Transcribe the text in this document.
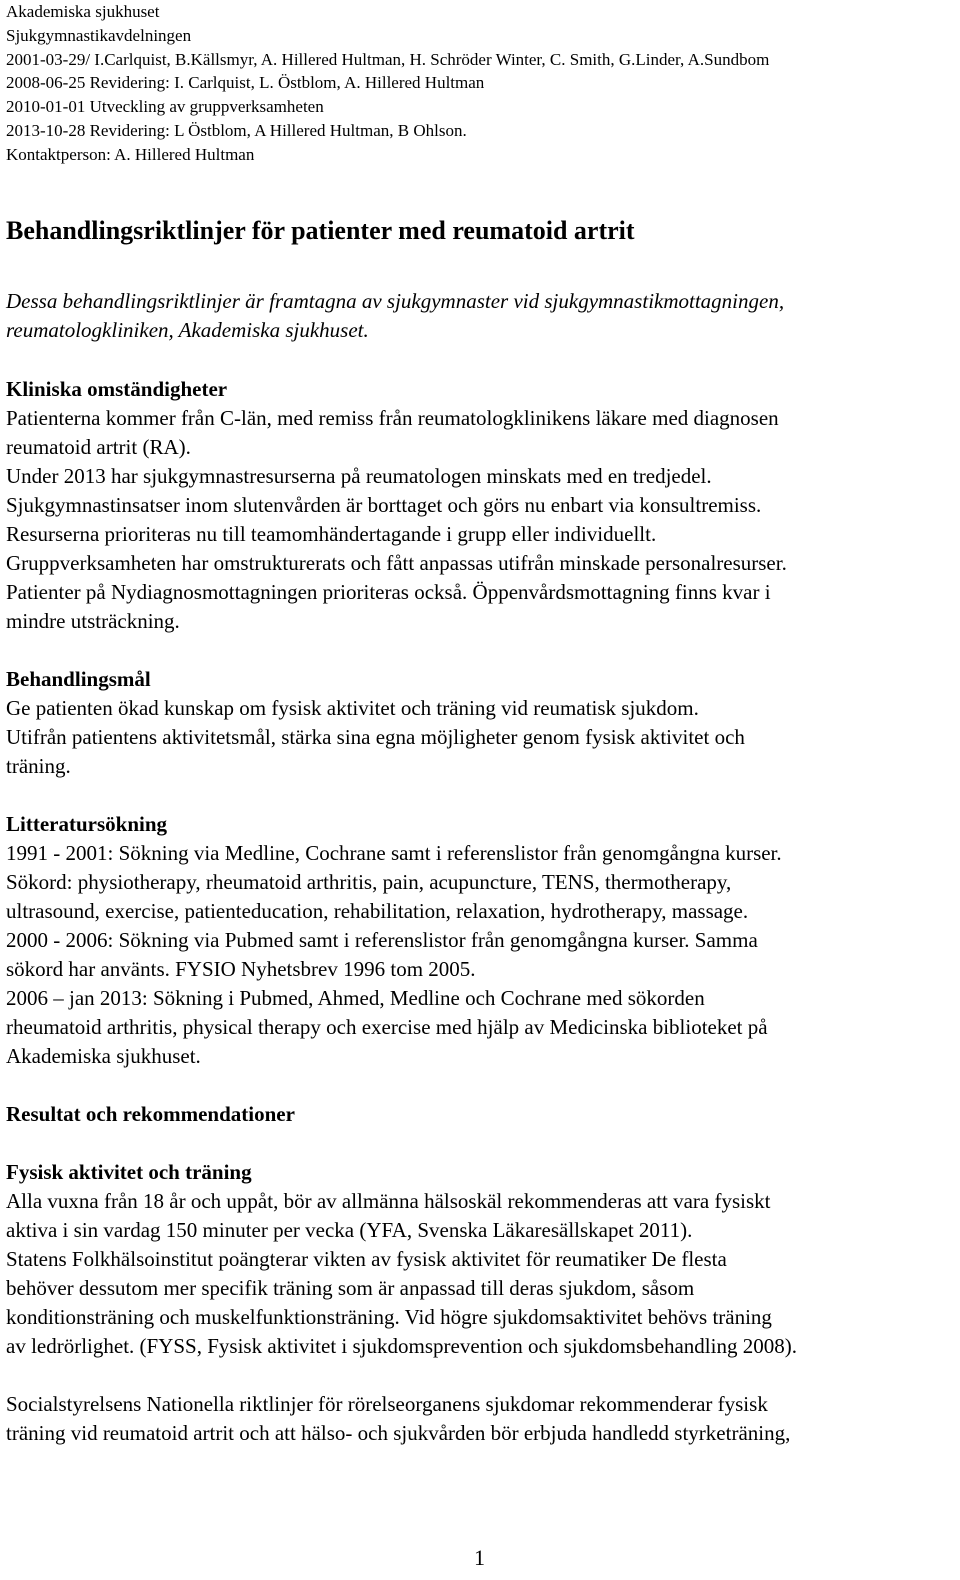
Akademiska sjukhuset
Sjukgymnastikavdelningen
2001-03-29/ I.Carlquist, B.Källsmyr, A. Hillered Hultman, H. Schröder Winter, C. Smith, G.Linder, A.Sundbom
2008-06-25 Revidering: I. Carlquist, L. Östblom, A. Hillered Hultman
2010-01-01 Utveckling av gruppverksamheten
2013-10-28 Revidering: L Östblom, A Hillered Hultman, B Ohlson.
Kontaktperson: A. Hillered Hultman
Behandlingsriktlinjer för patienter med reumatoid artrit

Dessa behandlingsriktlinjer är framtagna av sjukgymnaster vid sjukgymnastikmottagningen, reumatologkliniken, Akademiska sjukhuset.

Kliniska omständigheter
Patienterna kommer från C-län, med remiss från reumatologklinikens läkare med diagnosen
reumatoid artrit (RA).
Under 2013 har sjukgymnastresurserna på reumatologen minskats med en tredjedel.
Sjukgymnastinsatser inom slutenvården är borttaget och görs nu enbart via konsultremiss.
Resurserna prioriteras nu till teamomhändertagande i grupp eller individuellt.
Gruppverksamheten har omstrukturerats och fått anpassas utifrån minskade personalresurser.
Patienter på Nydiagnosmottagningen prioriteras också. Öppenvårdsmottagning finns kvar i
mindre utsträckning.
Behandlingsmål
Ge patienten ökad kunskap om fysisk aktivitet och träning vid reumatisk sjukdom.
Utifrån patientens aktivitetsmål, stärka sina egna möjligheter genom fysisk aktivitet och
träning.
Litteratursökning
1991 - 2001: Sökning via Medline, Cochrane samt i referenslistor från genomgångna kurser.
Sökord: physiotherapy, rheumatoid arthritis, pain, acupuncture, TENS, thermotherapy,
ultrasound, exercise, patienteducation, rehabilitation, relaxation, hydrotherapy, massage.
2000 - 2006: Sökning via Pubmed samt i referenslistor från genomgångna kurser. Samma
sökord har använts. FYSIO Nyhetsbrev 1996 tom 2005.
2006 – jan 2013: Sökning i Pubmed, Ahmed, Medline och Cochrane med sökorden
rheumatoid arthritis, physical therapy och exercise med hjälp av Medicinska biblioteket på
Akademiska sjukhuset.
Resultat och rekommendationer
Fysisk aktivitet och träning
Alla vuxna från 18 år och uppåt, bör av allmänna hälsoskäl rekommenderas att vara fysiskt
aktiva i sin vardag 150 minuter per vecka (YFA, Svenska Läkaresällskapet 2011).
Statens Folkhälsoinstitut poängterar vikten av fysisk aktivitet för reumatiker De flesta
behöver dessutom mer specifik träning som är anpassad till deras sjukdom, såsom
konditionsträning och muskelfunktionsträning. Vid högre sjukdomsaktivitet behövs träning
av ledrörlighet. (FYSS, Fysisk aktivitet i sjukdomsprevention och sjukdomsbehandling 2008).
Socialstyrelsens Nationella riktlinjer för rörelseorganens sjukdomar rekommenderar fysisk
träning vid reumatoid artrit och att hälso- och sjukvården bör erbjuda handledd styrketräning,
1
